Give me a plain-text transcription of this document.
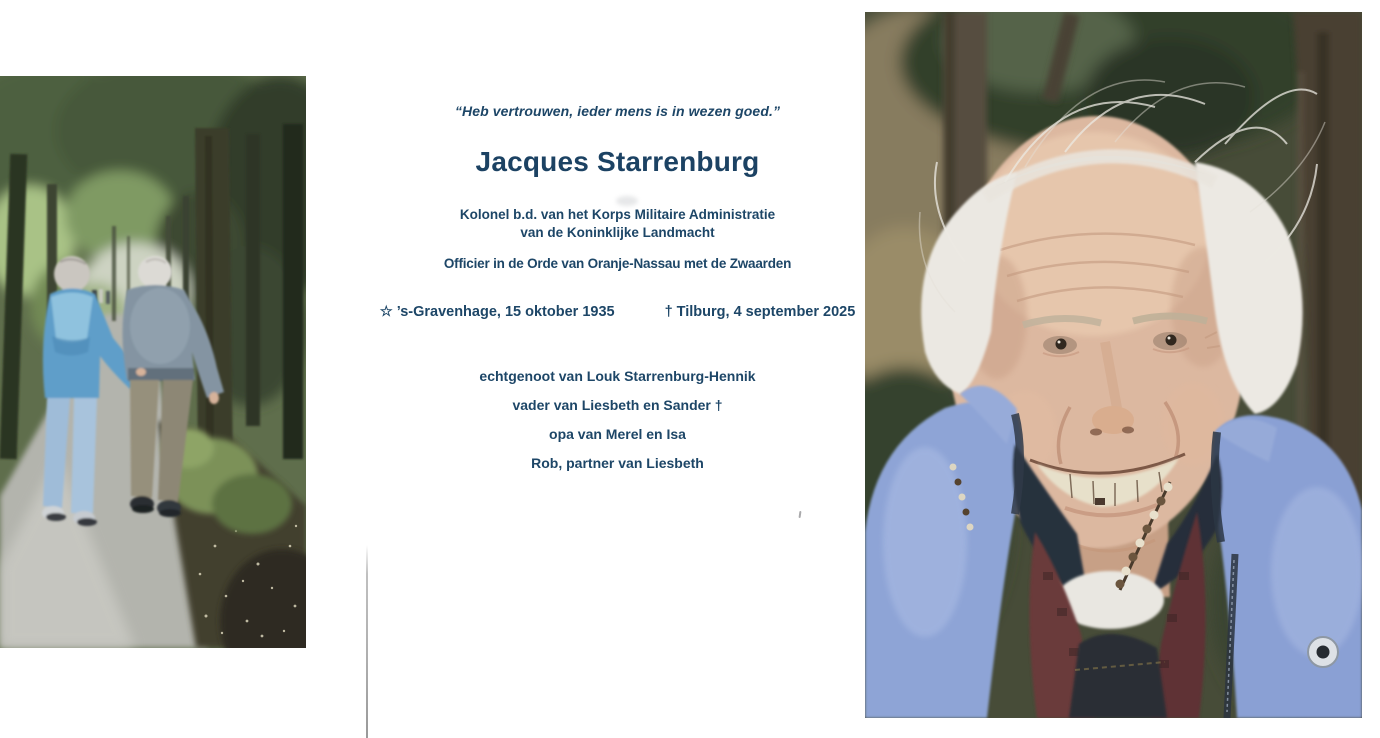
“Heb vertrouwen, ieder mens is in wezen goed.”
Jacques Starrenburg
Kolonel b.d. van het Korps Militaire Administratie
van de Koninklijke Landmacht
Officier in de Orde van Oranje-Nassau met de Zwaarden
☆ ’s-Gravenhage, 15 oktober 1935	† Tilburg, 4 september 2025
echtgenoot van Louk Starrenburg-Hennik
vader van Liesbeth en Sander †
opa van Merel en Isa
Rob, partner van Liesbeth
